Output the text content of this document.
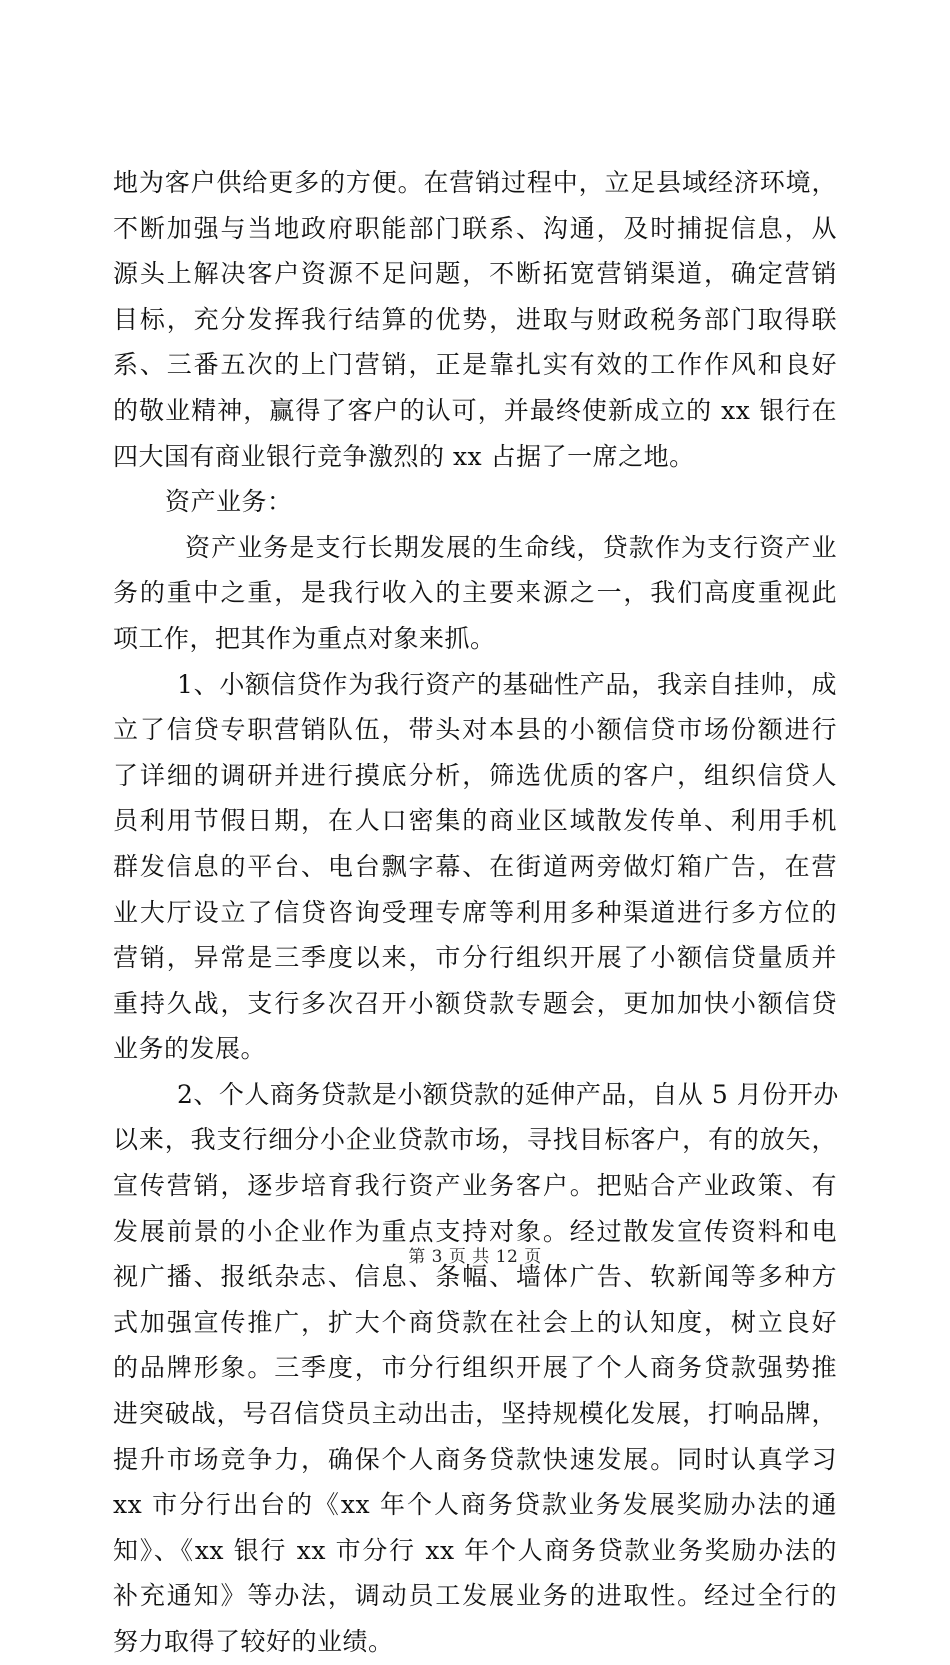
地为客户供给更多的方便。在营销过程中，立足县域经济环境，
不断加强与当地政府职能部门联系、沟通，及时捕捉信息，从
源头上解决客户资源不足问题，不断拓宽营销渠道，确定营销
目标，充分发挥我行结算的优势，进取与财政税务部门取得联
系、三番五次的上门营销，正是靠扎实有效的工作作风和良好
的敬业精神，赢得了客户的认可，并最终使新成立的 xx 银行在
四大国有商业银行竞争激烈的 xx 占据了一席之地。
资产业务：
资产业务是支行长期发展的生命线，贷款作为支行资产业
务的重中之重，是我行收入的主要来源之一，我们高度重视此
项工作，把其作为重点对象来抓。
1、小额信贷作为我行资产的基础性产品，我亲自挂帅，成
立了信贷专职营销队伍，带头对本县的小额信贷市场份额进行
了详细的调研并进行摸底分析，筛选优质的客户，组织信贷人
员利用节假日期，在人口密集的商业区域散发传单、利用手机
群发信息的平台、电台飘字幕、在街道两旁做灯箱广告，在营
业大厅设立了信贷咨询受理专席等利用多种渠道进行多方位的
营销，异常是三季度以来，市分行组织开展了小额信贷量质并
重持久战，支行多次召开小额贷款专题会，更加加快小额信贷
业务的发展。
2、个人商务贷款是小额贷款的延伸产品，自从 5 月份开办
以来，我支行细分小企业贷款市场，寻找目标客户，有的放矢，
宣传营销，逐步培育我行资产业务客户。把贴合产业政策、有
发展前景的小企业作为重点支持对象。经过散发宣传资料和电
视广播、报纸杂志、信息、条幅、墙体广告、软新闻等多种方
式加强宣传推广，扩大个商贷款在社会上的认知度，树立良好
的品牌形象。三季度，市分行组织开展了个人商务贷款强势推
进突破战，号召信贷员主动出击，坚持规模化发展，打响品牌，
提升市场竞争力，确保个人商务贷款快速发展。同时认真学习
xx 市分行出台的《xx 年个人商务贷款业务发展奖励办法的通
知》、《xx 银行 xx 市分行 xx 年个人商务贷款业务奖励办法的
补充通知》等办法，调动员工发展业务的进取性。经过全行的
努力取得了较好的业绩。
第 3 页 共 12 页
